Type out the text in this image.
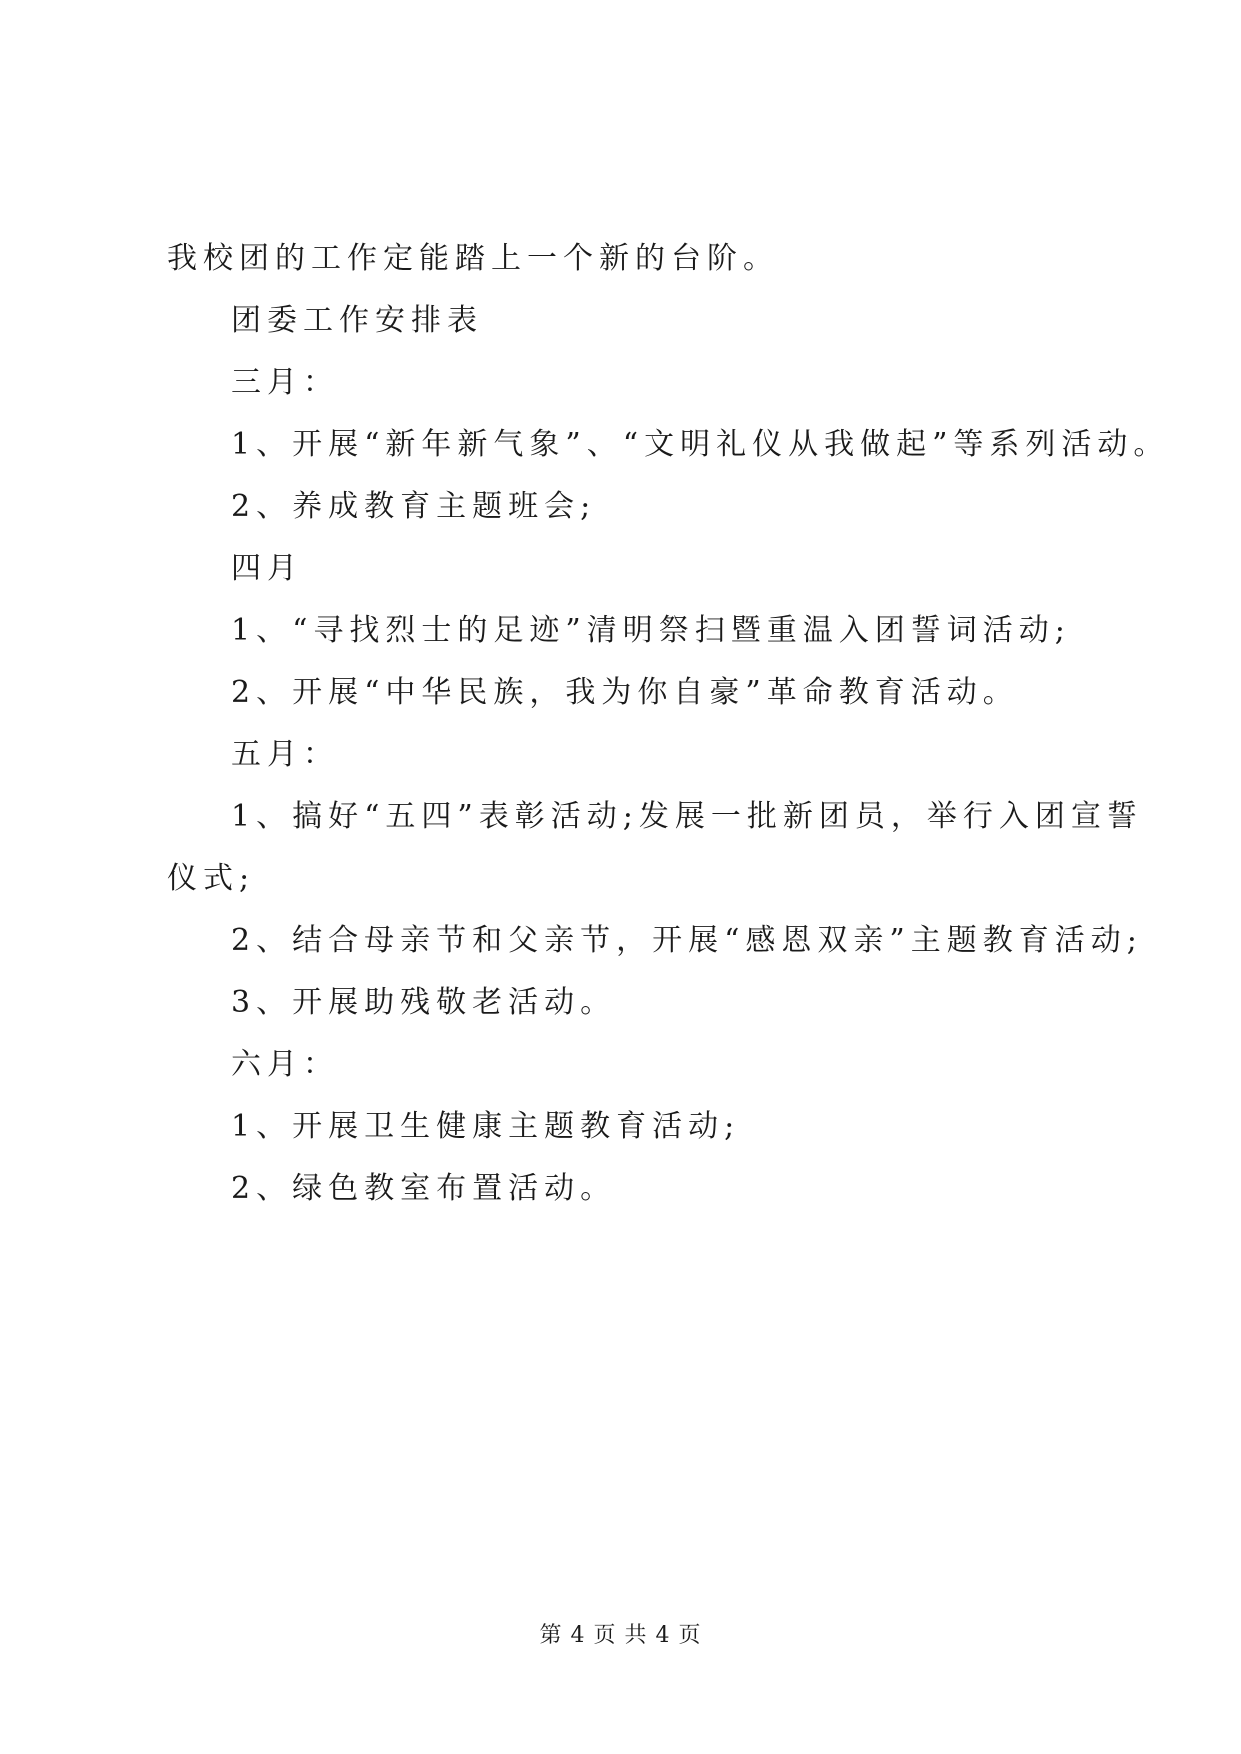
我校团的工作定能踏上一个新的台阶。
团委工作安排表
三月：
1、开展“新年新气象”、“文明礼仪从我做起”等系列活动。
2、养成教育主题班会;
四月
1、“寻找烈士的足迹”清明祭扫暨重温入团誓词活动;
2、开展“中华民族，我为你自豪”革命教育活动。
五月：
1、搞好“五四”表彰活动;发展一批新团员，举行入团宣誓
仪式;
2、结合母亲节和父亲节，开展“感恩双亲”主题教育活动;
3、开展助残敬老活动。
六月：
1、开展卫生健康主题教育活动;
2、绿色教室布置活动。
第 4 页 共 4 页
